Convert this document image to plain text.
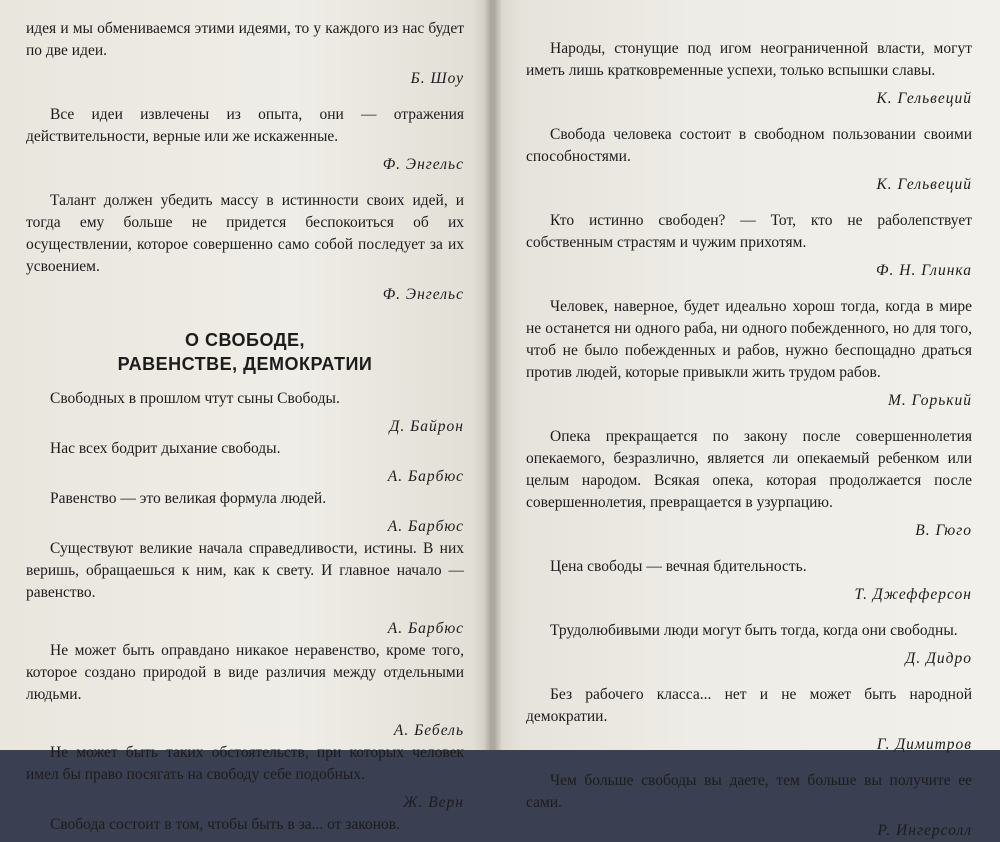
идея и мы обмениваемся этими идеями, то у каждого из нас будет по две идеи.

Б. Шоу

Все идеи извлечены из опыта, они — отражения действительности, верные или же искаженные.

Ф. Энгельс

Талант должен убедить массу в истинности своих идей, и тогда ему больше не придется беспокоиться об их осуществлении, которое совершенно само собой последует за их усвоением.

Ф. Энгельс

О СВОБОДЕ,
РАВЕНСТВЕ, ДЕМОКРАТИИ

Свободных в прошлом чтут сыны Свободы.

Д. Байрон

Нас всех бодрит дыхание свободы.

А. Барбюс

Равенство — это великая формула людей.

А. Барбюс

Существуют великие начала справедливости, истины. В них веришь, обращаешься к ним, как к свету. И главное начало — равенство.

А. Барбюс

Не может быть оправдано никакое неравенство, кроме того, которое создано природой в виде различия между отдельными людьми.

А. Бебель

Не может быть таких обстоятельств, при которых человек имел бы право посягать на свободу себе подобных.

Ж. Верн

Свобода состоит в том, чтобы быть в за... от законов.

Народы, стонущие под игом неограниченной власти, могут иметь лишь кратковременные успехи, только вспышки славы.

К. Гельвеций

Свобода человека состоит в свободном пользовании своими способностями.

К. Гельвеций

Кто истинно свободен? — Тот, кто не раболепствует собственным страстям и чужим прихотям.

Ф. Н. Глинка

Человек, наверное, будет идеально хорош тогда, когда в мире не останется ни одного раба, ни одного побежденного, но для того, чтоб не было побежденных и рабов, нужно беспощадно драться против людей, которые привыкли жить трудом рабов.

М. Горький

Опека прекращается по закону после совершеннолетия опекаемого, безразлично, является ли опекаемый ребенком или целым народом. Всякая опека, которая продолжается после совершеннолетия, превращается в узурпацию.

В. Гюго

Цена свободы — вечная бдительность.

Т. Джефферсон

Трудолюбивыми люди могут быть тогда, когда они свободны.

Д. Дидро

Без рабочего класса... нет и не может быть народной демократии.

Г. Димитров

Чем больше свободы вы даете, тем больше вы получите ее сами.

Р. Ингерсолл
